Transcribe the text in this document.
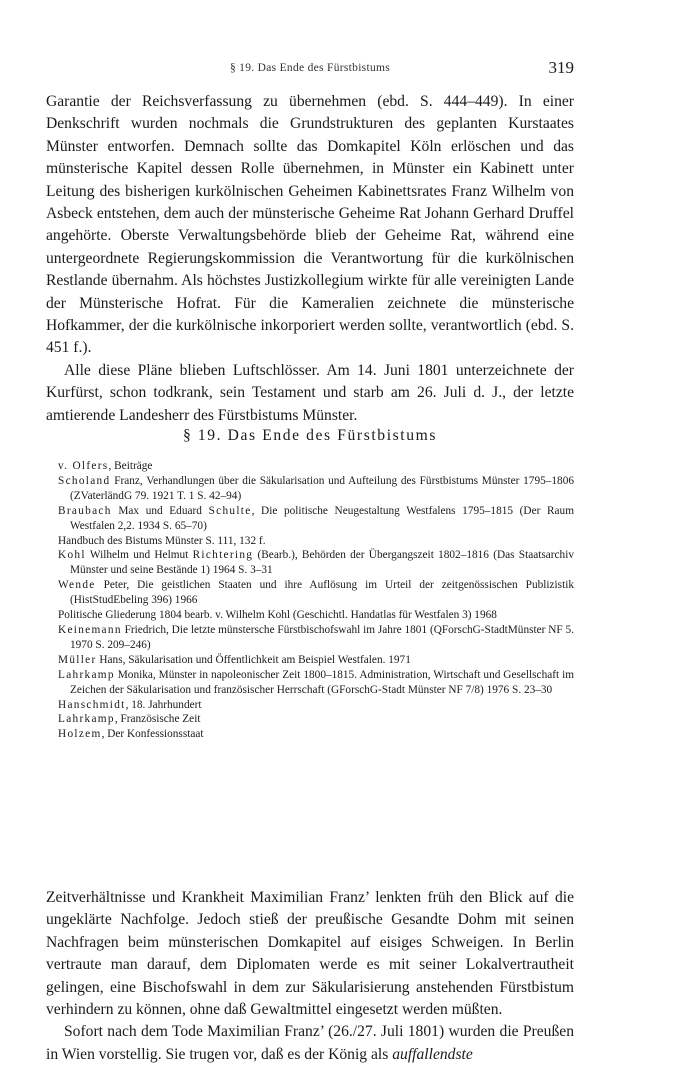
§ 19. Das Ende des Fürstbistums	319

Garantie der Reichsverfassung zu übernehmen (ebd. S. 444–449). In einer Denkschrift wurden nochmals die Grundstrukturen des geplanten Kurstaates Münster entworfen. Demnach sollte das Domkapitel Köln erlöschen und das münsterische Kapitel dessen Rolle übernehmen, in Münster ein Kabinett unter Leitung des bisherigen kurkölnischen Geheimen Kabinettsrates Franz Wilhelm von Asbeck entstehen, dem auch der münsterische Geheime Rat Johann Gerhard Druffel angehörte. Oberste Verwaltungsbehörde blieb der Geheime Rat, während eine untergeordnete Regierungskommission die Verantwortung für die kurkölnischen Restlande übernahm. Als höchstes Justizkollegium wirkte für alle vereinigten Lande der Münsterische Hofrat. Für die Kameralien zeichnete die münsterische Hofkammer, der die kurkölnische inkorporiert werden sollte, verantwortlich (ebd. S. 451 f.).

Alle diese Pläne blieben Luftschlösser. Am 14. Juni 1801 unterzeichnete der Kurfürst, schon todkrank, sein Testament und starb am 26. Juli d. J., der letzte amtierende Landesherr des Fürstbistums Münster.

§ 19. Das Ende des Fürstbistums
v. Olfers, Beiträge
Scholand Franz, Verhandlungen über die Säkularisation und Aufteilung des Fürstbistums Münster 1795–1806 (ZVaterländG 79. 1921 T. 1 S. 42–94)
Braubach Max und Eduard Schulte, Die politische Neugestaltung Westfalens 1795–1815 (Der Raum Westfalen 2,2. 1934 S. 65–70)
Handbuch des Bistums Münster S. 111, 132 f.
Kohl Wilhelm und Helmut Richtering (Bearb.), Behörden der Übergangszeit 1802–1816 (Das Staatsarchiv Münster und seine Bestände 1) 1964 S. 3–31
Wende Peter, Die geistlichen Staaten und ihre Auflösung im Urteil der zeitgenössischen Publizistik (HistStudEbeling 396) 1966
Politische Gliederung 1804 bearb. v. Wilhelm Kohl (Geschichtl. Handatlas für Westfalen 3) 1968
Keinemann Friedrich, Die letzte münstersche Fürstbischofswahl im Jahre 1801 (QForschG-StadtMünster NF 5. 1970 S. 209–246)
Müller Hans, Säkularisation und Öffentlichkeit am Beispiel Westfalen. 1971
Lahrkamp Monika, Münster in napoleonischer Zeit 1800–1815. Administration, Wirtschaft und Gesellschaft im Zeichen der Säkularisation und französischer Herrschaft (GForschG-Stadt Münster NF 7/8) 1976 S. 23–30
Hanschmidt, 18. Jahrhundert
Lahrkamp, Französische Zeit
Holzem, Der Konfessionsstaat

Zeitverhältnisse und Krankheit Maximilian Franz’ lenkten früh den Blick auf die ungeklärte Nachfolge. Jedoch stieß der preußische Gesandte Dohm mit seinen Nachfragen beim münsterischen Domkapitel auf eisiges Schweigen. In Berlin vertraute man darauf, dem Diplomaten werde es mit seiner Lokalvertrautheit gelingen, eine Bischofswahl in dem zur Säkularisierung anstehenden Fürstbistum verhindern zu können, ohne daß Gewaltmittel eingesetzt werden müßten.

Sofort nach dem Tode Maximilian Franz’ (26./27. Juli 1801) wurden die Preußen in Wien vorstellig. Sie trugen vor, daß es der König als auffallendste
